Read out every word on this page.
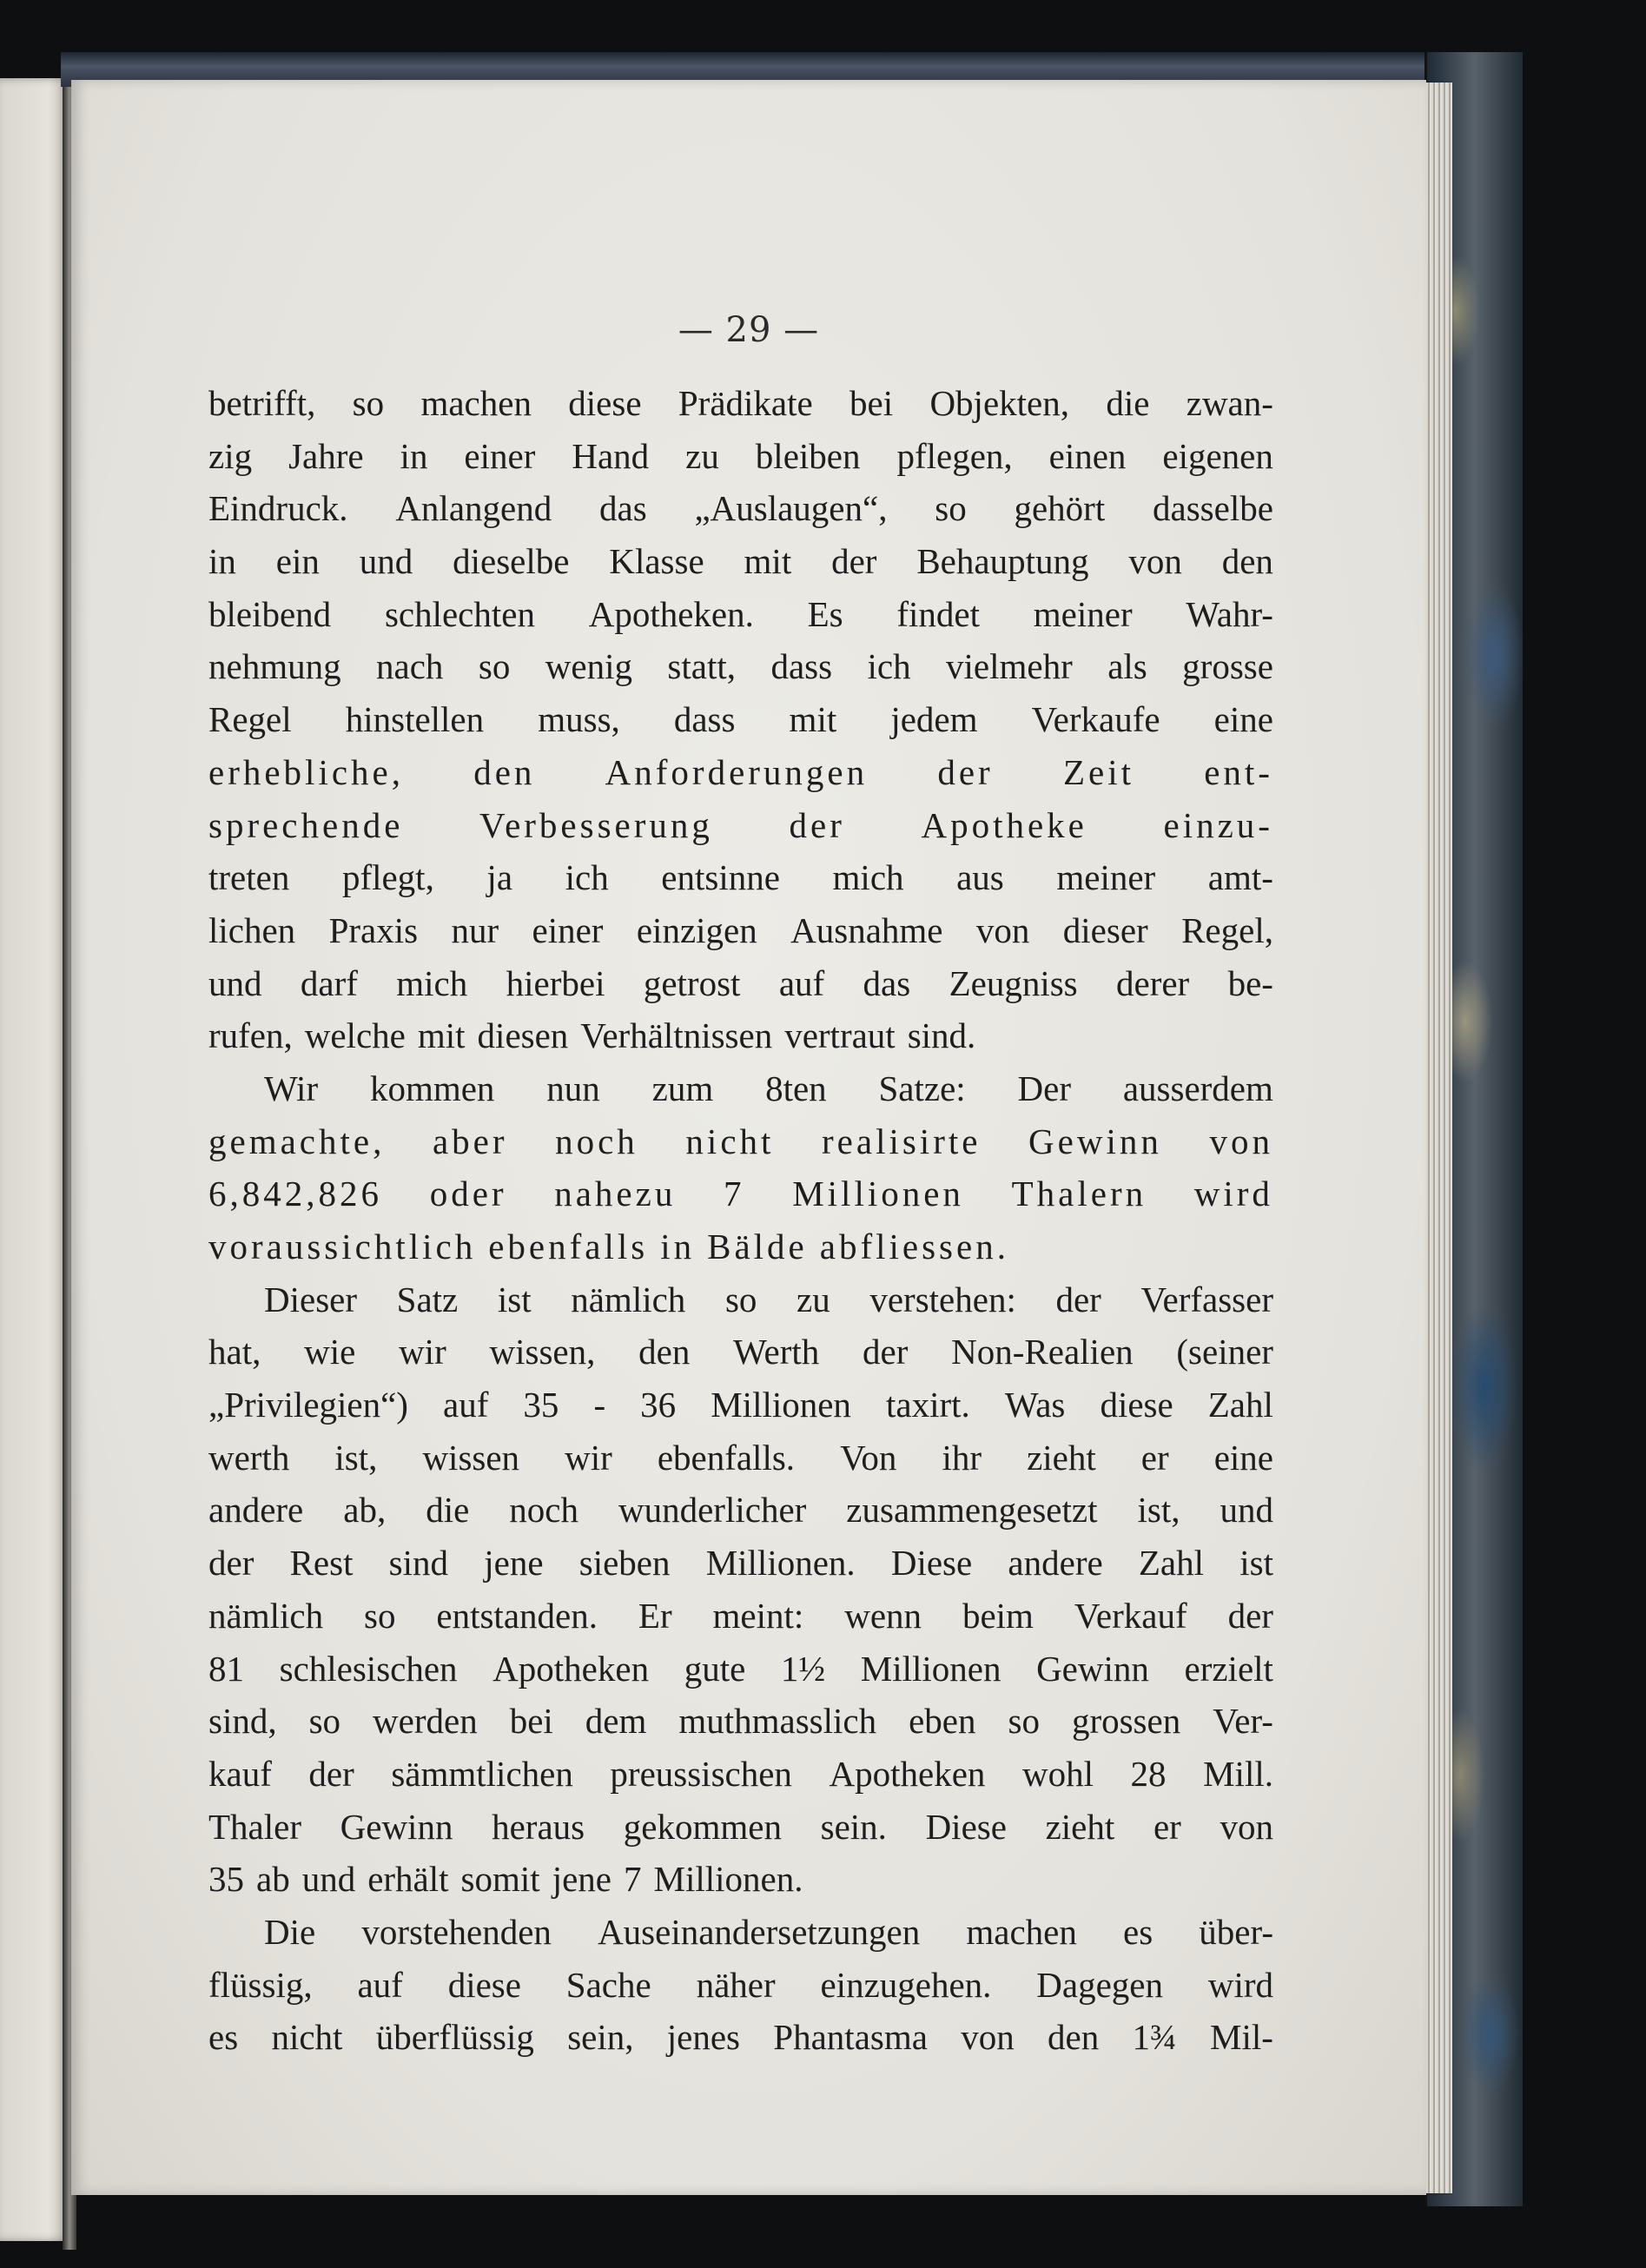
— 29 —
betrifft, so machen diese Prädikate bei Objekten, die zwan-
zig Jahre in einer Hand zu bleiben pflegen, einen eigenen
Eindruck. Anlangend das „Auslaugen“, so gehört dasselbe
in ein und dieselbe Klasse mit der Behauptung von den
bleibend schlechten Apotheken. Es findet meiner Wahr-
nehmung nach so wenig statt, dass ich vielmehr als grosse
Regel hinstellen muss, dass mit jedem Verkaufe eine
erhebliche, den Anforderungen der Zeit ent-
sprechende Verbesserung der Apotheke einzu-
treten pflegt, ja ich entsinne mich aus meiner amt-
lichen Praxis nur einer einzigen Ausnahme von dieser Regel,
und darf mich hierbei getrost auf das Zeugniss derer be-
rufen, welche mit diesen Verhältnissen vertraut sind.
Wir kommen nun zum 8ten Satze: Der ausserdem
gemachte, aber noch nicht realisirte Gewinn von
6,842,826 oder nahezu 7 Millionen Thalern wird
voraussichtlich ebenfalls in Bälde abfliessen.
Dieser Satz ist nämlich so zu verstehen: der Verfasser
hat, wie wir wissen, den Werth der Non-Realien (seiner
„Privilegien“) auf 35 - 36 Millionen taxirt. Was diese Zahl
werth ist, wissen wir ebenfalls. Von ihr zieht er eine
andere ab, die noch wunderlicher zusammengesetzt ist, und
der Rest sind jene sieben Millionen. Diese andere Zahl ist
nämlich so entstanden. Er meint: wenn beim Verkauf der
81 schlesischen Apotheken gute 1½ Millionen Gewinn erzielt
sind, so werden bei dem muthmasslich eben so grossen Ver-
kauf der sämmtlichen preussischen Apotheken wohl 28 Mill.
Thaler Gewinn heraus gekommen sein. Diese zieht er von
35 ab und erhält somit jene 7 Millionen.
Die vorstehenden Auseinandersetzungen machen es über-
flüssig, auf diese Sache näher einzugehen. Dagegen wird
es nicht überflüssig sein, jenes Phantasma von den 1¾ Mil-
